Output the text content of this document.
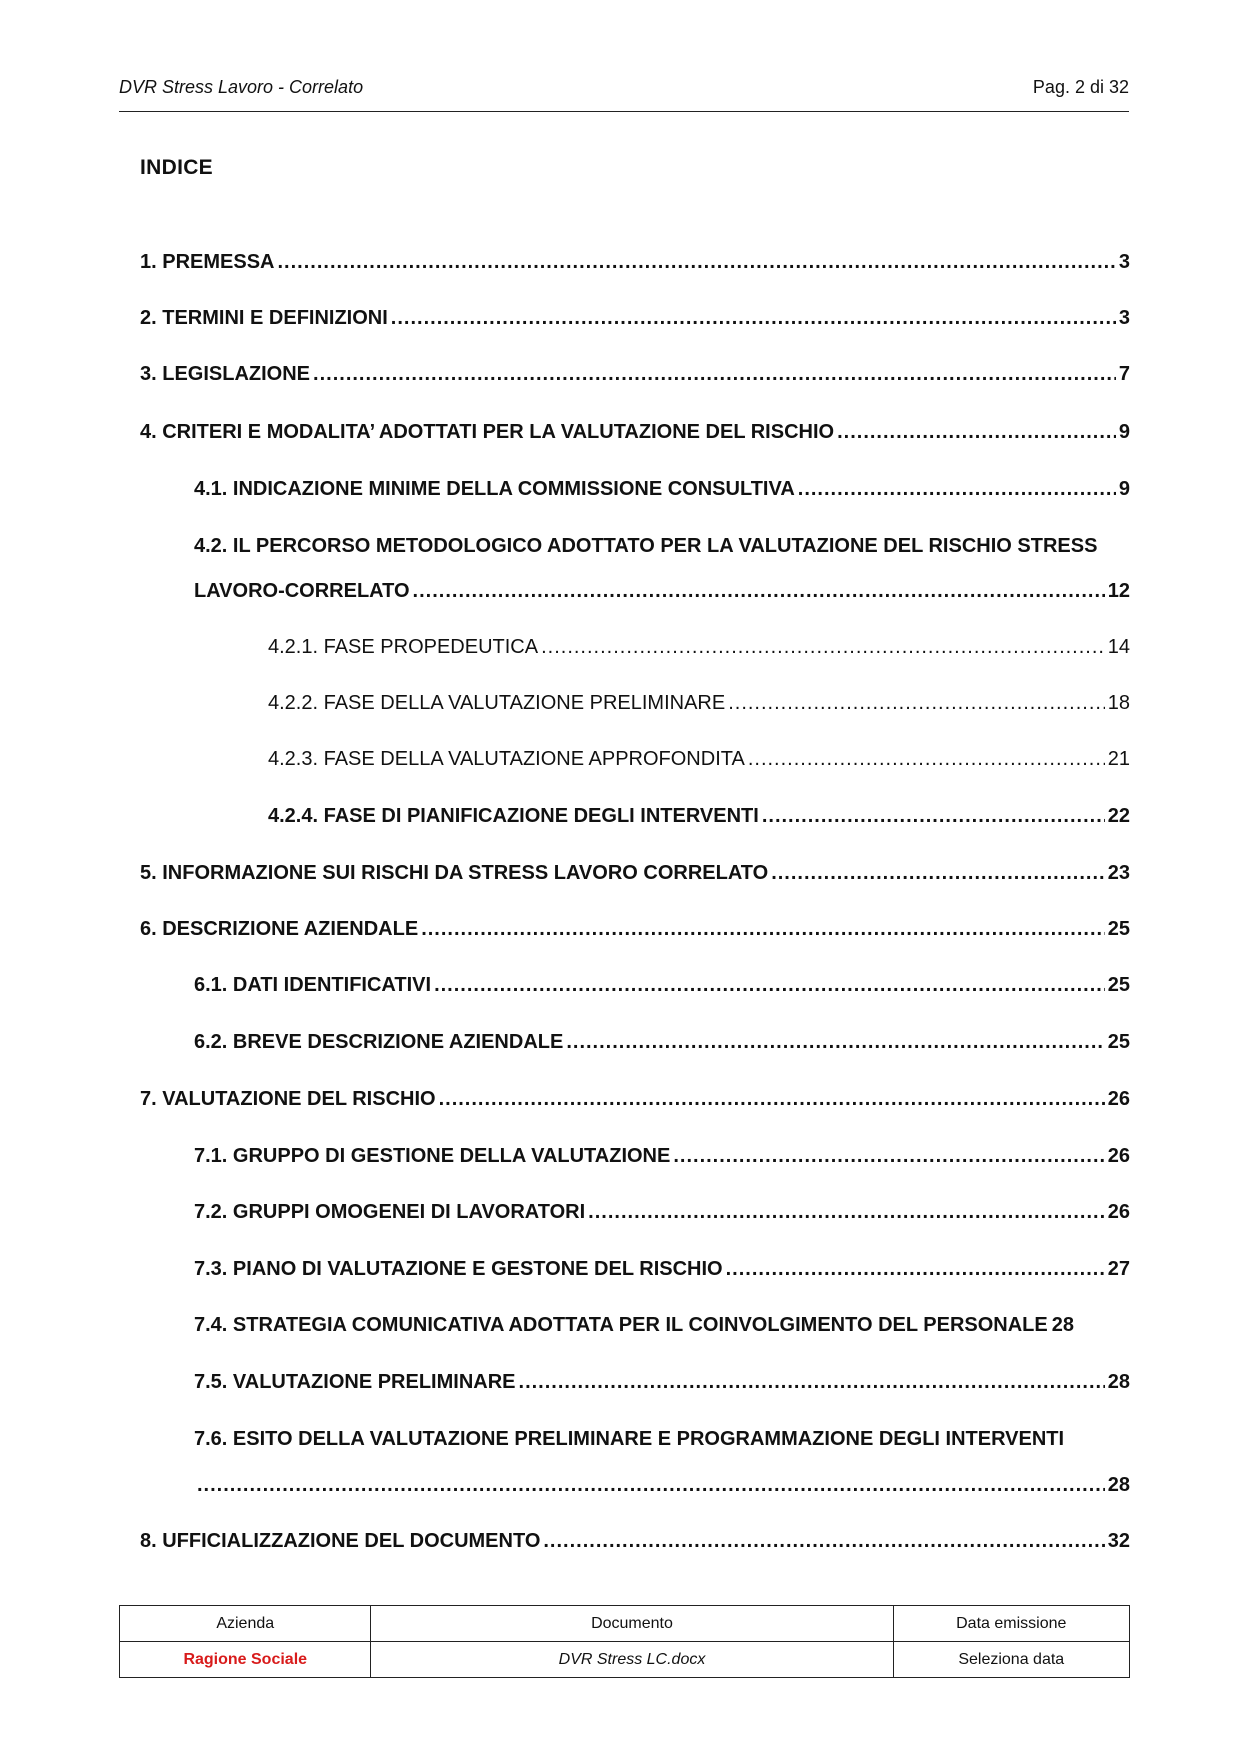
DVR Stress Lavoro - Correlato	Pag. 2 di 32
INDICE
1. PREMESSA .....	3
2. TERMINI E DEFINIZIONI .....	3
3. LEGISLAZIONE .....	7
4. CRITERI E MODALITA’ ADOTTATI PER LA VALUTAZIONE DEL RISCHIO .....	9
4.1. INDICAZIONE MINIME DELLA COMMISSIONE CONSULTIVA .....	9
4.2. IL PERCORSO METODOLOGICO ADOTTATO PER LA VALUTAZIONE DEL RISCHIO STRESS
LAVORO-CORRELATO .....	12
4.2.1. FASE PROPEDEUTICA .....	14
4.2.2. FASE DELLA VALUTAZIONE PRELIMINARE .....	18
4.2.3. FASE DELLA VALUTAZIONE APPROFONDITA .....	21
4.2.4. FASE DI PIANIFICAZIONE DEGLI INTERVENTI .....	22
5. INFORMAZIONE SUI RISCHI DA STRESS LAVORO CORRELATO .....	23
6. DESCRIZIONE AZIENDALE .....	25
6.1. DATI IDENTIFICATIVI .....	25
6.2. BREVE DESCRIZIONE AZIENDALE .....	25
7. VALUTAZIONE DEL RISCHIO .....	26
7.1. GRUPPO DI GESTIONE DELLA VALUTAZIONE .....	26
7.2. GRUPPI OMOGENEI DI LAVORATORI .....	26
7.3. PIANO DI VALUTAZIONE E GESTONE DEL RISCHIO .....	27
7.4. STRATEGIA COMUNICATIVA ADOTTATA PER IL COINVOLGIMENTO DEL PERSONALE 28
7.5. VALUTAZIONE PRELIMINARE .....	28
7.6. ESITO DELLA VALUTAZIONE PRELIMINARE E PROGRAMMAZIONE DEGLI INTERVENTI
.....
28
8. UFFICIALIZZAZIONE DEL DOCUMENTO .....	32
Azienda	Documento	Data emissione
Ragione Sociale	DVR Stress LC.docx	Seleziona data
